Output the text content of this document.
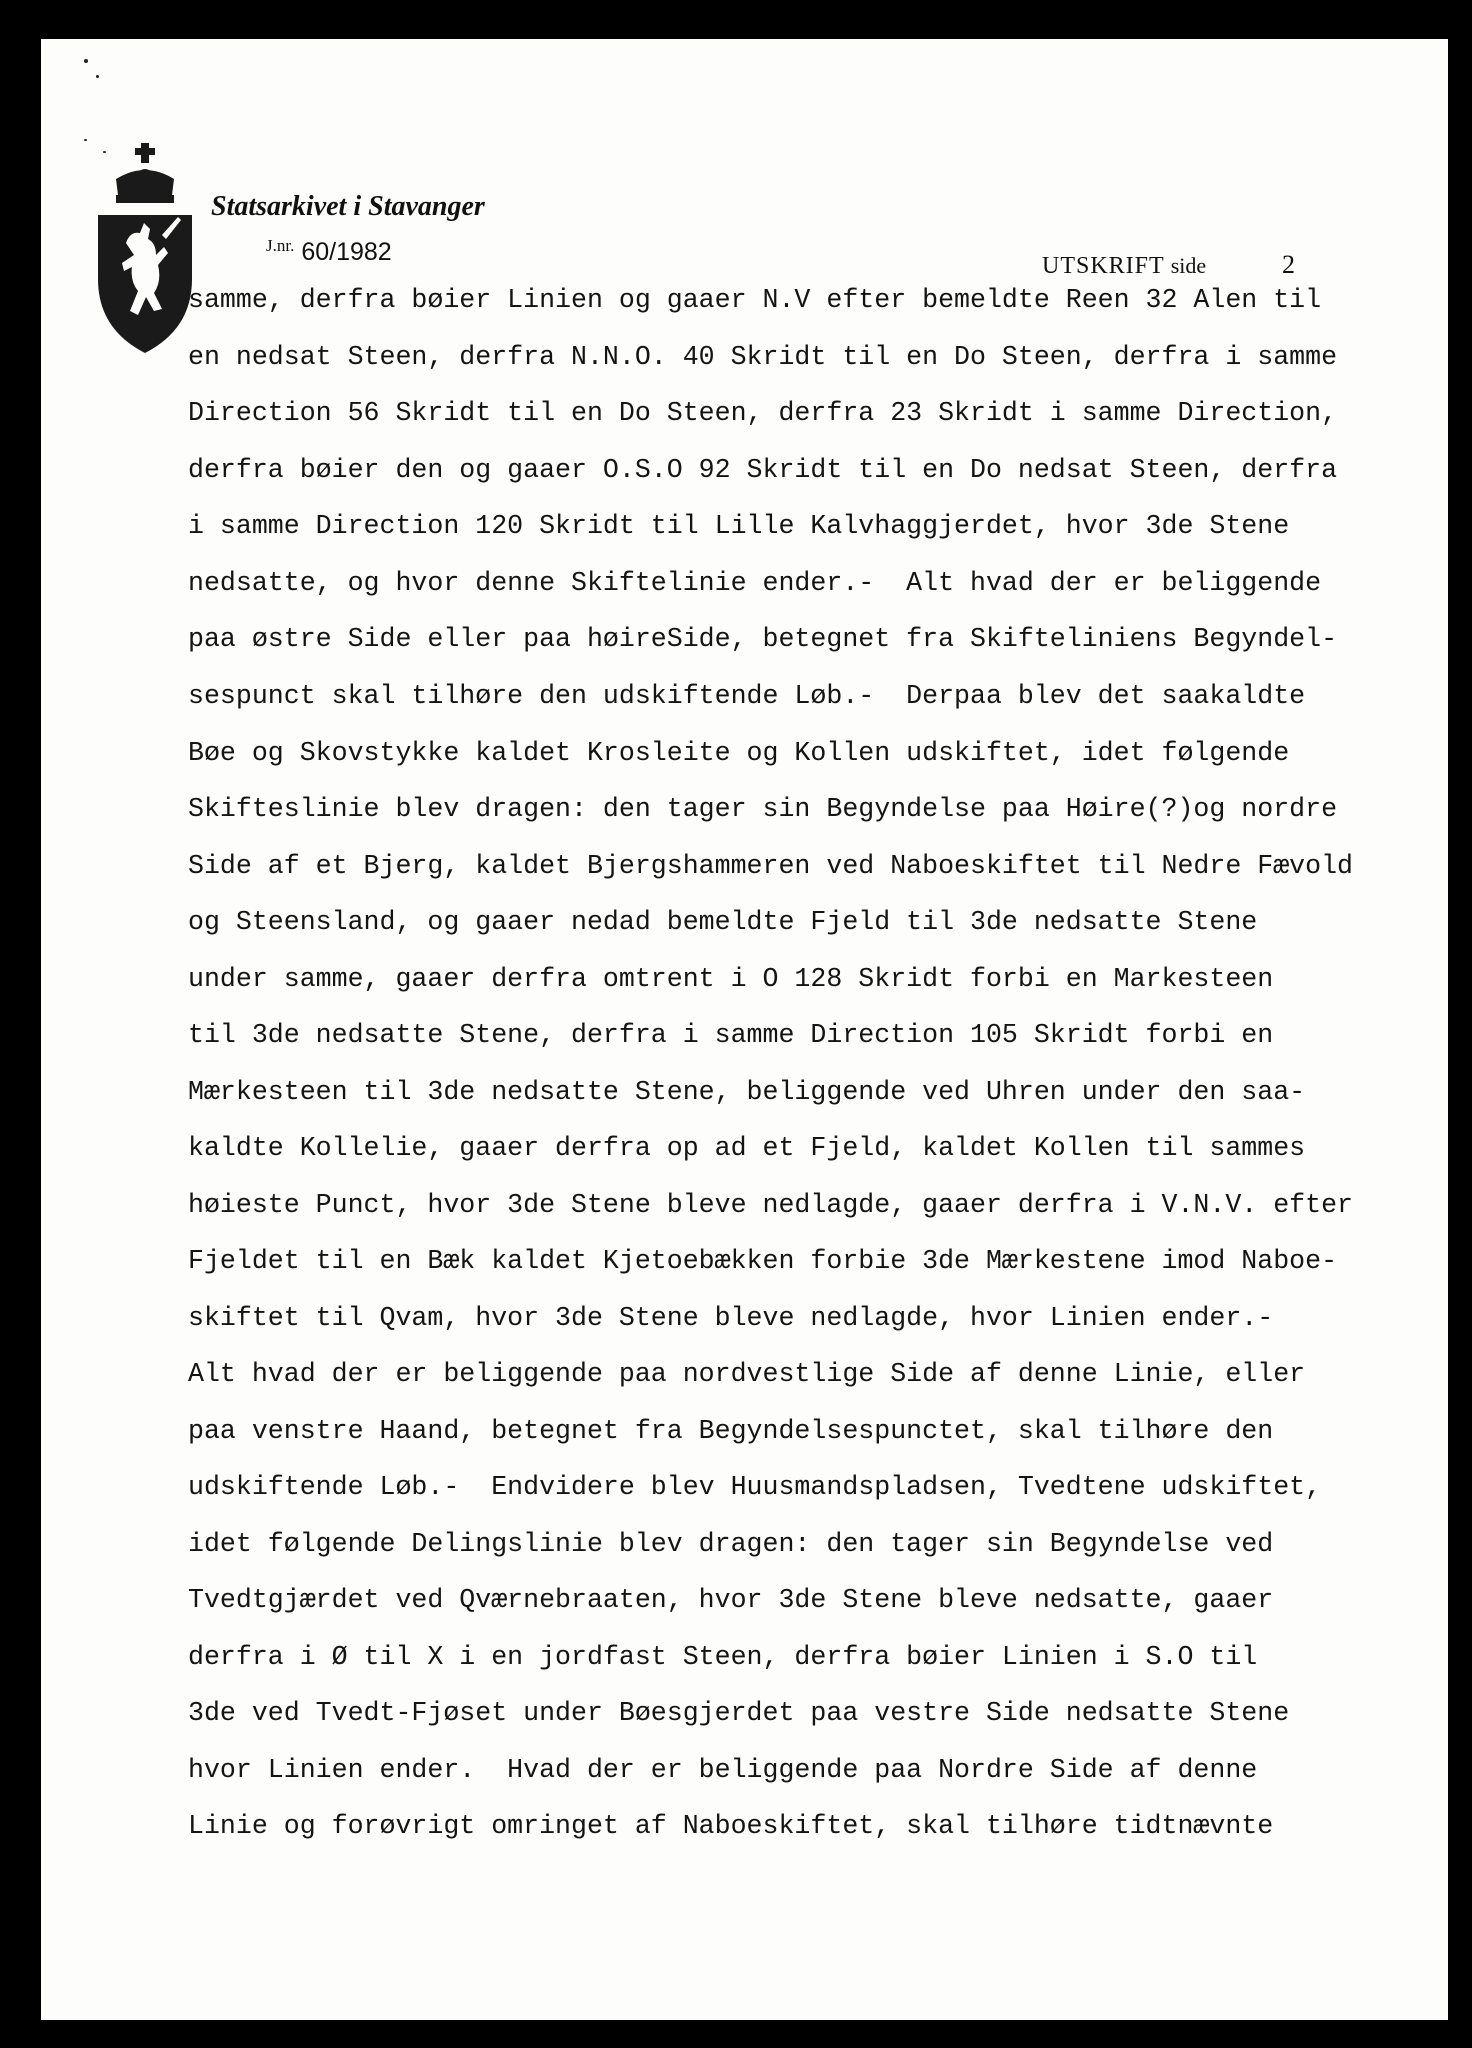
Statsarkivet i Stavanger
$^{J.nr.}$ 60/1982	UTSKRIFT side	2
samme, derfra bøier Linien og gaaer N.V efter bemeldte Reen 32 Alen til
en nedsat Steen, derfra N.N.O. 40 Skridt til en Do Steen, derfra i samme
Direction 56 Skridt til en Do Steen, derfra 23 Skridt i samme Direction,
derfra bøier den og gaaer O.S.O 92 Skridt til en Do nedsat Steen, derfra
i samme Direction 120 Skridt til Lille Kalvhaggjerdet, hvor 3de Stene
nedsatte, og hvor denne Skiftelinie ender.-  Alt hvad der er beliggende
paa østre Side eller paa høireSide, betegnet fra Skifteliniens Begyndel-
sespunct skal tilhøre den udskiftende Løb.-  Derpaa blev det saakaldte
Bøe og Skovstykke kaldet Krosleite og Kollen udskiftet, idet følgende
Skifteslinie blev dragen: den tager sin Begyndelse paa Høire(?)og nordre
Side af et Bjerg, kaldet Bjergshammeren ved Naboeskiftet til Nedre Fævold
og Steensland, og gaaer nedad bemeldte Fjeld til 3de nedsatte Stene
under samme, gaaer derfra omtrent i O 128 Skridt forbi en Markesteen
til 3de nedsatte Stene, derfra i samme Direction 105 Skridt forbi en
Mærkesteen til 3de nedsatte Stene, beliggende ved Uhren under den saa-
kaldte Kollelie, gaaer derfra op ad et Fjeld, kaldet Kollen til sammes
høieste Punct, hvor 3de Stene bleve nedlagde, gaaer derfra i V.N.V. efter
Fjeldet til en Bæk kaldet Kjetoebækken forbie 3de Mærkestene imod Naboe-
skiftet til Qvam, hvor 3de Stene bleve nedlagde, hvor Linien ender.-
Alt hvad der er beliggende paa nordvestlige Side af denne Linie, eller
paa venstre Haand, betegnet fra Begyndelsespunctet, skal tilhøre den
udskiftende Løb.-  Endvidere blev Huusmandspladsen, Tvedtene udskiftet,
idet følgende Delingslinie blev dragen: den tager sin Begyndelse ved
Tvedtgjærdet ved Qværnebraaten, hvor 3de Stene bleve nedsatte, gaaer
derfra i Ø til X i en jordfast Steen, derfra bøier Linien i S.O til
3de ved Tvedt-Fjøset under Bøesgjerdet paa vestre Side nedsatte Stene
hvor Linien ender.  Hvad der er beliggende paa Nordre Side af denne
Linie og forøvrigt omringet af Naboeskiftet, skal tilhøre tidtnævnte
